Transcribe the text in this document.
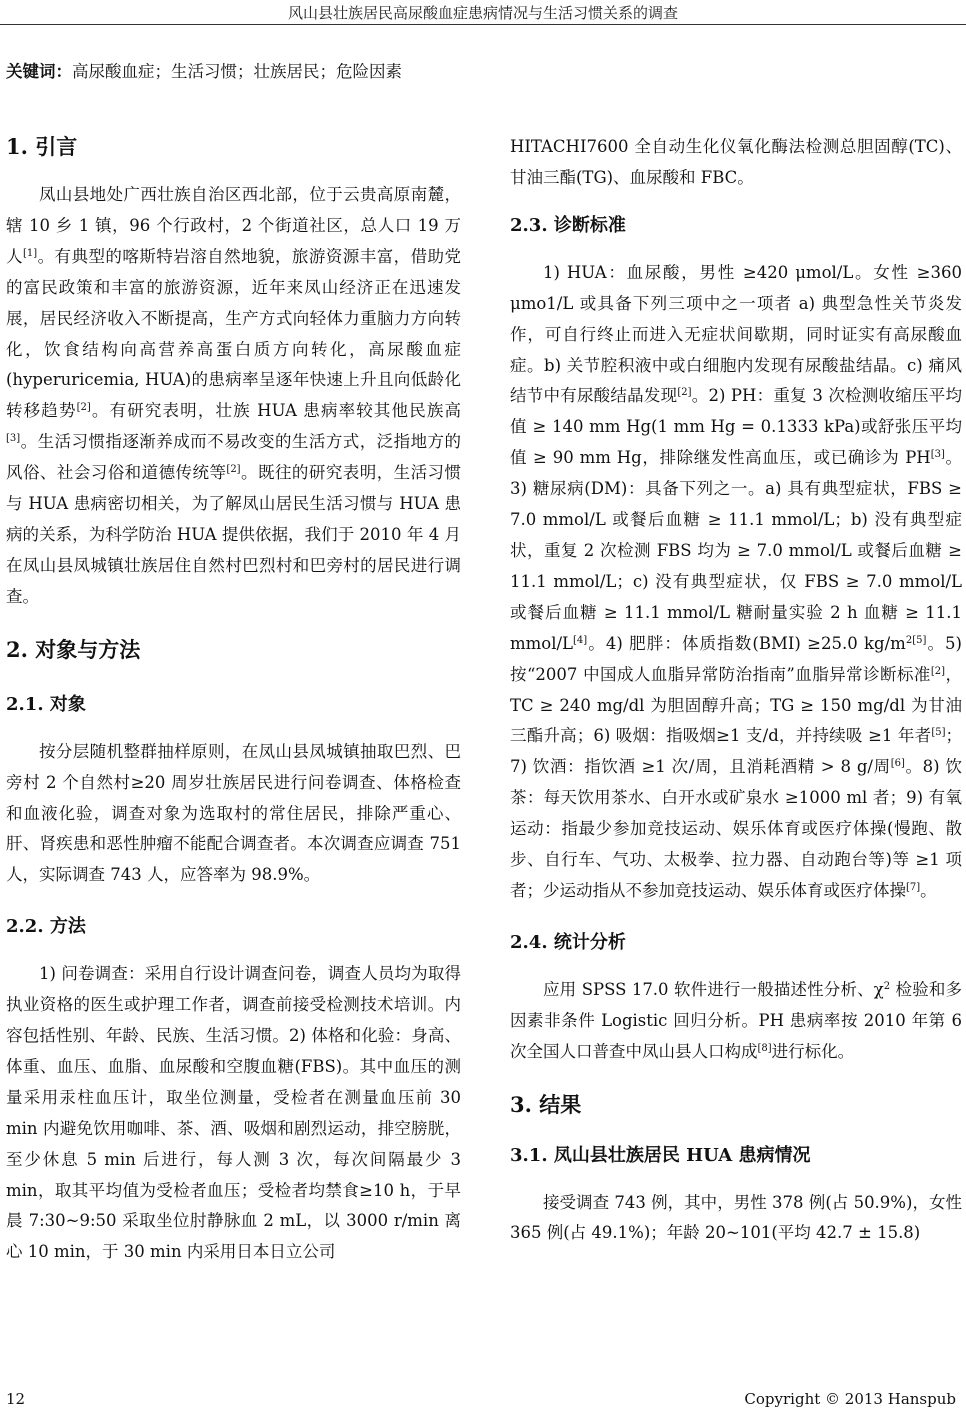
风山县壮族居民高尿酸血症患病情况与生活习惯关系的调查
关键词：高尿酸血症；生活习惯；壮族居民；危险因素
1. 引言

凤山县地处广西壮族自治区西北部，位于云贵高原南麓，辖 10 乡 1 镇，96 个行政村，2 个街道社区，总人口 19 万人[1]。有典型的喀斯特岩溶自然地貌，旅游资源丰富，借助党的富民政策和丰富的旅游资源，近年来凤山经济正在迅速发展，居民经济收入不断提高，生产方式向轻体力重脑力方向转化，饮食结构向高营养高蛋白质方向转化，高尿酸血症(hyperuricemia, HUA)的患病率呈逐年快速上升且向低龄化转移趋势[2]。有研究表明，壮族 HUA 患病率较其他民族高[3]。生活习惯指逐渐养成而不易改变的生活方式，泛指地方的风俗、社会习俗和道德传统等[2]。既往的研究表明，生活习惯与 HUA 患病密切相关，为了解凤山居民生活习惯与 HUA 患病的关系，为科学防治 HUA 提供依据，我们于 2010 年 4 月在凤山县凤城镇壮族居住自然村巴烈村和巴旁村的居民进行调查。

2. 对象与方法
2.1. 对象

按分层随机整群抽样原则，在凤山县凤城镇抽取巴烈、巴旁村 2 个自然村≥20 周岁壮族居民进行问卷调查、体格检查和血液化验，调查对象为选取村的常住居民，排除严重心、肝、肾疾患和恶性肿瘤不能配合调查者。本次调查应调查 751 人，实际调查 743 人，应答率为 98.9%。

2.2. 方法

1) 问卷调查：采用自行设计调查问卷，调查人员均为取得执业资格的医生或护理工作者，调查前接受检测技术培训。内容包括性别、年龄、民族、生活习惯。2) 体格和化验：身高、体重、血压、血脂、血尿酸和空腹血糖(FBS)。其中血压的测量采用汞柱血压计，取坐位测量，受检者在测量血压前 30 min 内避免饮用咖啡、茶、酒、吸烟和剧烈运动，排空膀胱，至少休息 5 min 后进行，每人测 3 次，每次间隔最少 3 min，取其平均值为受检者血压；受检者均禁食≥10 h，于早晨 7:30~9:50 采取坐位肘静脉血 2 mL，以 3000 r/min 离心 10 min，于 30 min 内采用日本日立公司

HITACHI7600 全自动生化仪氧化酶法检测总胆固醇(TC)、甘油三酯(TG)、血尿酸和 FBC。

2.3. 诊断标准

1) HUA：血尿酸，男性 ≥420 μmol/L。女性 ≥360 μmo1/L 或具备下列三项中之一项者 a) 典型急性关节炎发作，可自行终止而进入无症状间歇期，同时证实有高尿酸血症。b) 关节腔积液中或白细胞内发现有尿酸盐结晶。c) 痛风结节中有尿酸结晶发现[2]。2) PH：重复 3 次检测收缩压平均值 ≥ 140 mm Hg(1 mm Hg = 0.1333 kPa)或舒张压平均值 ≥ 90 mm Hg，排除继发性高血压，或已确诊为 PH[3]。3) 糖尿病(DM)：具备下列之一。a) 具有典型症状，FBS ≥ 7.0 mmol/L 或餐后血糖 ≥ 11.1 mmol/L；b) 没有典型症状，重复 2 次检测 FBS 均为 ≥ 7.0 mmol/L 或餐后血糖 ≥ 11.1 mmol/L；c) 没有典型症状，仅 FBS ≥ 7.0 mmol/L 或餐后血糖 ≥ 11.1 mmol/L 糖耐量实验 2 h 血糖 ≥ 11.1 mmol/L[4]。4) 肥胖：体质指数(BMI) ≥25.0 $kg/m^{2[5]}$。5) 按“2007 中国成人血脂异常防治指南”血脂异常诊断标准[2]，TC ≥ 240 mg/dl 为胆固醇升高；TG ≥ 150 mg/dl 为甘油三酯升高；6) 吸烟：指吸烟≥1 支/d，并持续吸 ≥1 年者[5]；7) 饮酒：指饮酒 ≥1 次/周，且消耗酒精 > 8 g/周[6]。8) 饮茶：每天饮用茶水、白开水或矿泉水 ≥1000 ml 者；9) 有氧运动：指最少参加竞技运动、娱乐体育或医疗体操(慢跑、散步、自行车、气功、太极拳、拉力器、自动跑台等)等 ≥1 项者；少运动指从不参加竞技运动、娱乐体育或医疗体操[7]。

2.4. 统计分析

应用 SPSS 17.0 软件进行一般描述性分析、$\chi^2$ 检验和多因素非条件 Logistic 回归分析。PH 患病率按 2010 年第 6 次全国人口普查中凤山县人口构成[8]进行标化。

3. 结果
3.1. 凤山县壮族居民 HUA 患病情况

接受调查 743 例，其中，男性 378 例(占 50.9%)，女性 365 例(占 49.1%)；年龄 20~101(平均 42.7 ± 15.8)

12	Copyright © 2013 Hanspub
